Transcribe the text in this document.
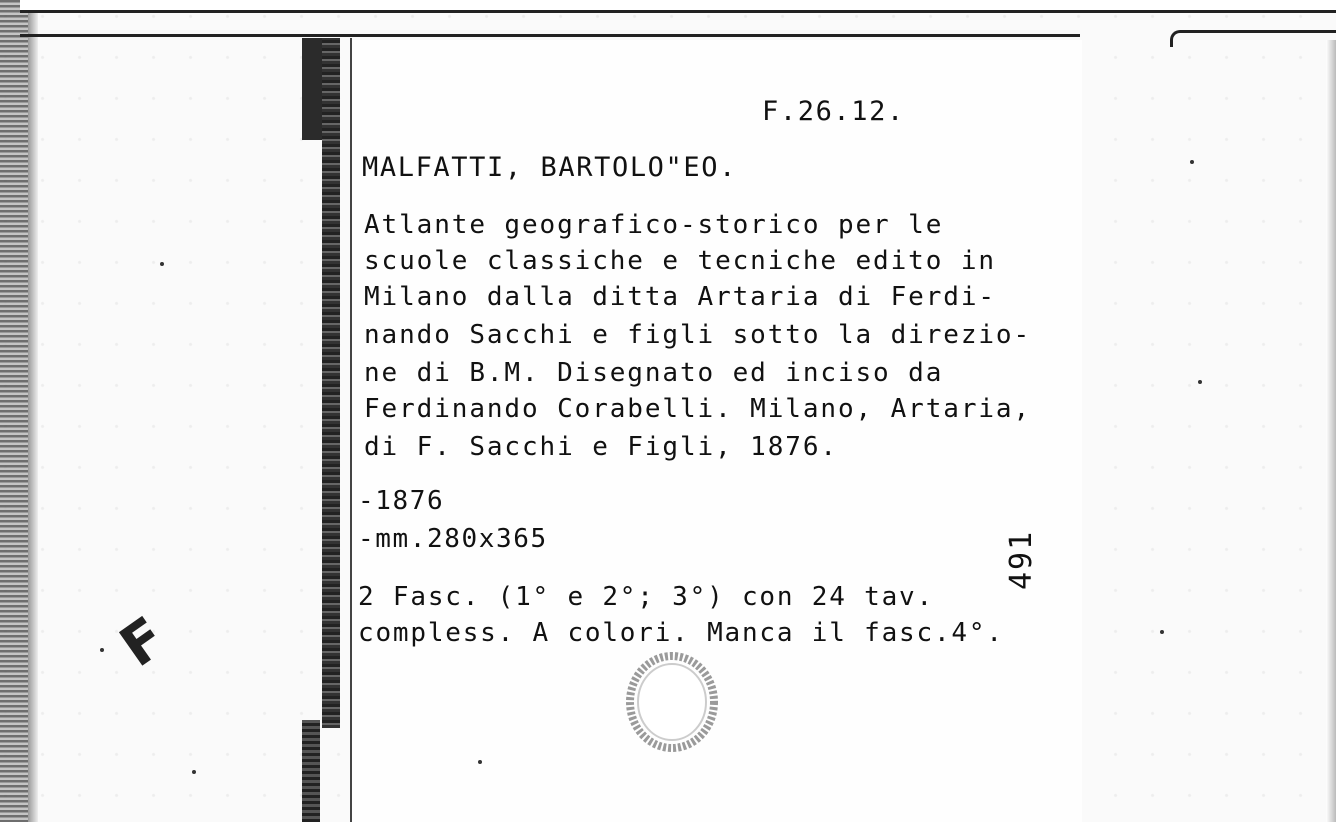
F.26.12.
MALFATTI, BARTOLO"EO.
Atlante geografico-storico per le
scuole classiche e tecniche edito in
Milano dalla ditta Artaria di Ferdi-
nando Sacchi e figli sotto la direzio-
ne di B.M. Disegnato ed inciso da
Ferdinando Corabelli. Milano, Artaria,
di F. Sacchi e Figli, 1876.
-1876
-mm.280x365
2 Fasc. (1° e 2°; 3°) con 24 tav.
compless. A colori. Manca il fasc.4°.
491
F
